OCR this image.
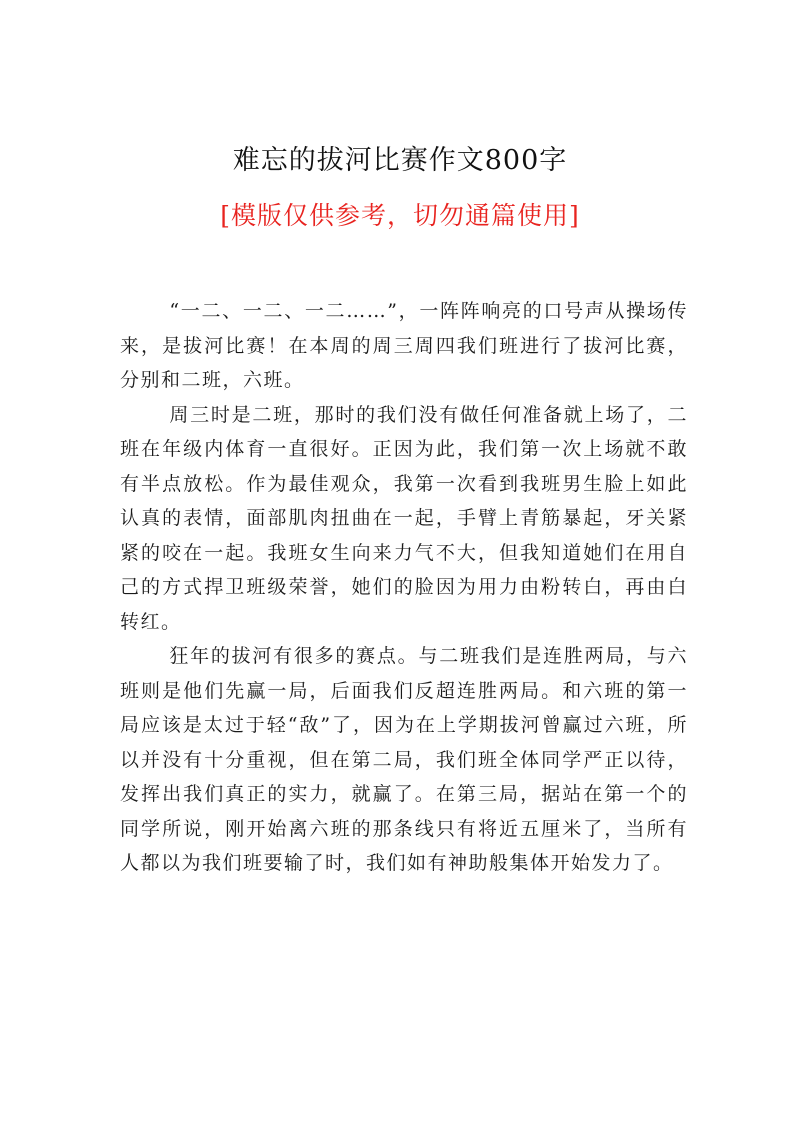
难忘的拔河比赛作文800字
[模版仅供参考，切勿通篇使用]

“一二、一二、一二……”，一阵阵响亮的口号声从操场传来，是拔河比赛！在本周的周三周四我们班进行了拔河比赛，分别和二班，六班。

周三时是二班，那时的我们没有做任何准备就上场了，二班在年级内体育一直很好。正因为此，我们第一次上场就不敢有半点放松。作为最佳观众，我第一次看到我班男生脸上如此认真的表情，面部肌肉扭曲在一起，手臂上青筋暴起，牙关紧紧的咬在一起。我班女生向来力气不大，但我知道她们在用自己的方式捍卫班级荣誉，她们的脸因为用力由粉转白，再由白转红。

狂年的拔河有很多的赛点。与二班我们是连胜两局，与六班则是他们先赢一局，后面我们反超连胜两局。和六班的第一局应该是太过于轻“敌”了，因为在上学期拔河曾赢过六班，所以并没有十分重视，但在第二局，我们班全体同学严正以待，发挥出我们真正的实力，就赢了。在第三局，据站在第一个的同学所说，刚开始离六班的那条线只有将近五厘米了，当所有人都以为我们班要输了时，我们如有神助般集体开始发力了。
